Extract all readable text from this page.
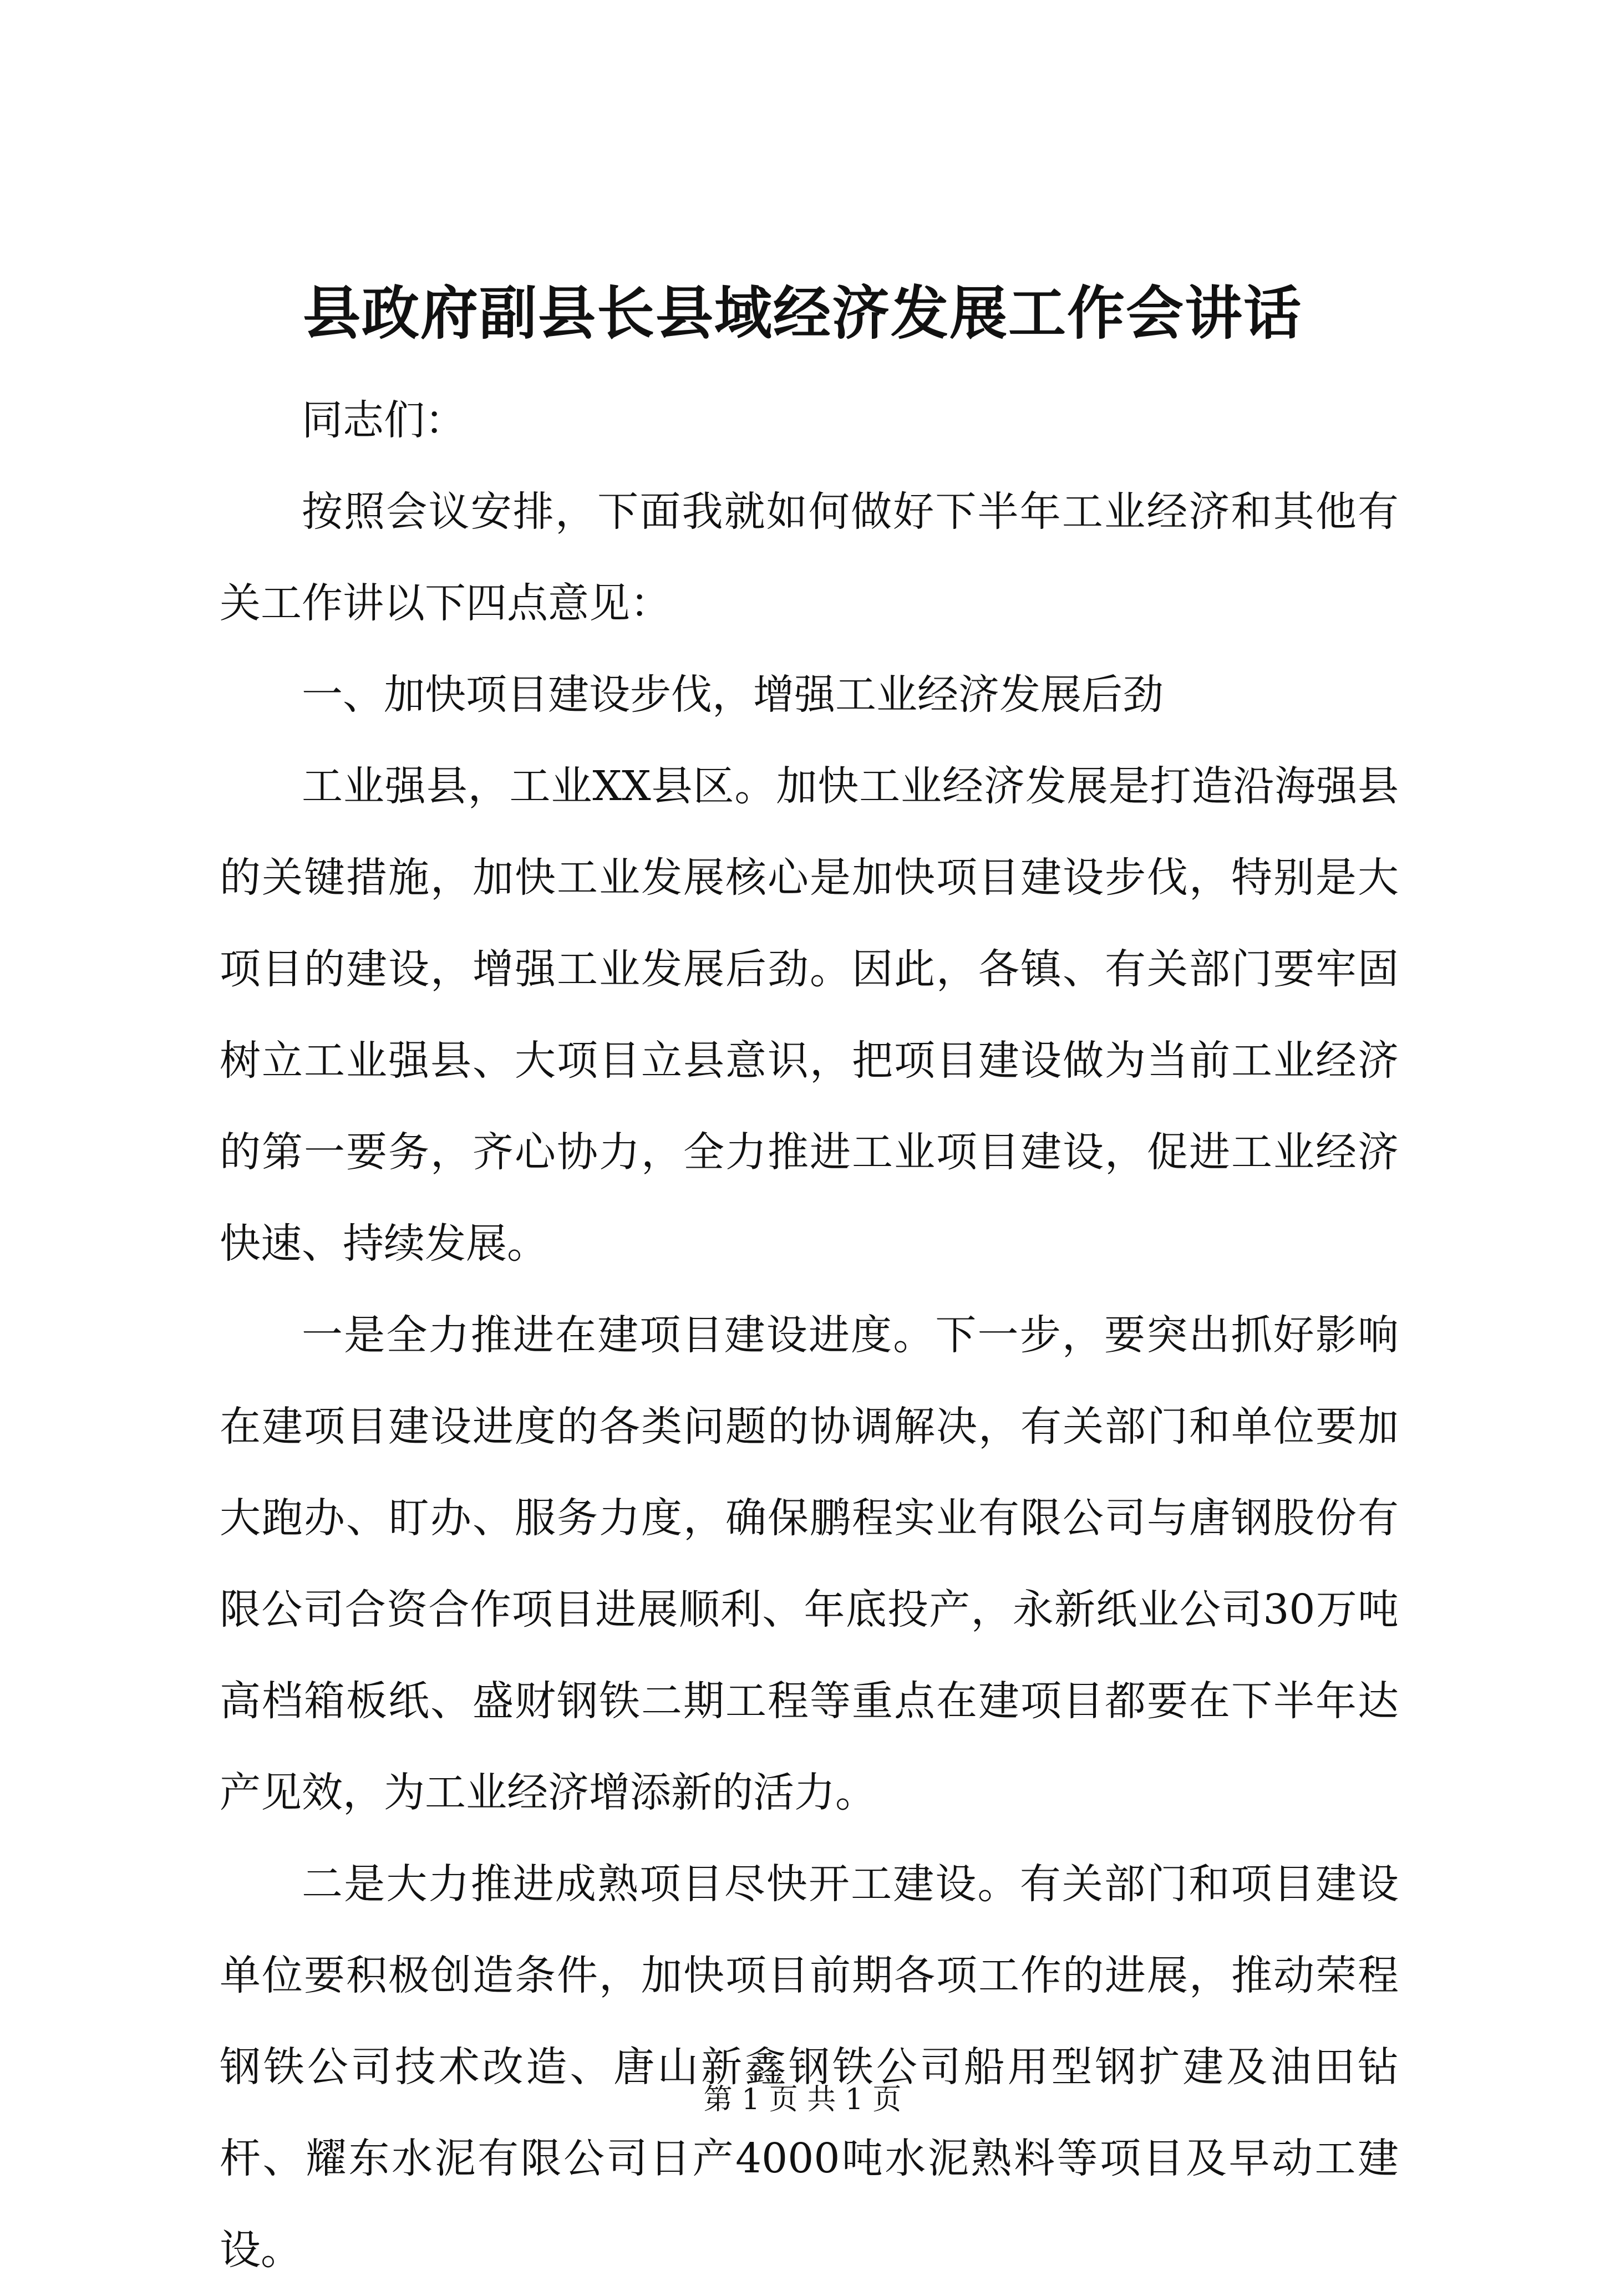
县政府副县长县域经济发展工作会讲话

同志们：

按照会议安排，下面我就如何做好下半年工业经济和其他有关工作讲以下四点意见：

一、加快项目建设步伐，增强工业经济发展后劲

工业强县，工业XX县区。加快工业经济发展是打造沿海强县的关键措施，加快工业发展核心是加快项目建设步伐，特别是大项目的建设，增强工业发展后劲。因此，各镇、有关部门要牢固树立工业强县、大项目立县意识，把项目建设做为当前工业经济的第一要务，齐心协力，全力推进工业项目建设，促进工业经济快速、持续发展。

一是全力推进在建项目建设进度。下一步，要突出抓好影响在建项目建设进度的各类问题的协调解决，有关部门和单位要加大跑办、盯办、服务力度，确保鹏程实业有限公司与唐钢股份有限公司合资合作项目进展顺利、年底投产，永新纸业公司30万吨高档箱板纸、盛财钢铁二期工程等重点在建项目都要在下半年达产见效，为工业经济增添新的活力。

二是大力推进成熟项目尽快开工建设。有关部门和项目建设单位要积极创造条件，加快项目前期各项工作的进展，推动荣程钢铁公司技术改造、唐山新鑫钢铁公司船用型钢扩建及油田钻杆、耀东水泥有限公司日产4000吨水泥熟料等项目及早动工建设。

第 1 页 共 1 页
